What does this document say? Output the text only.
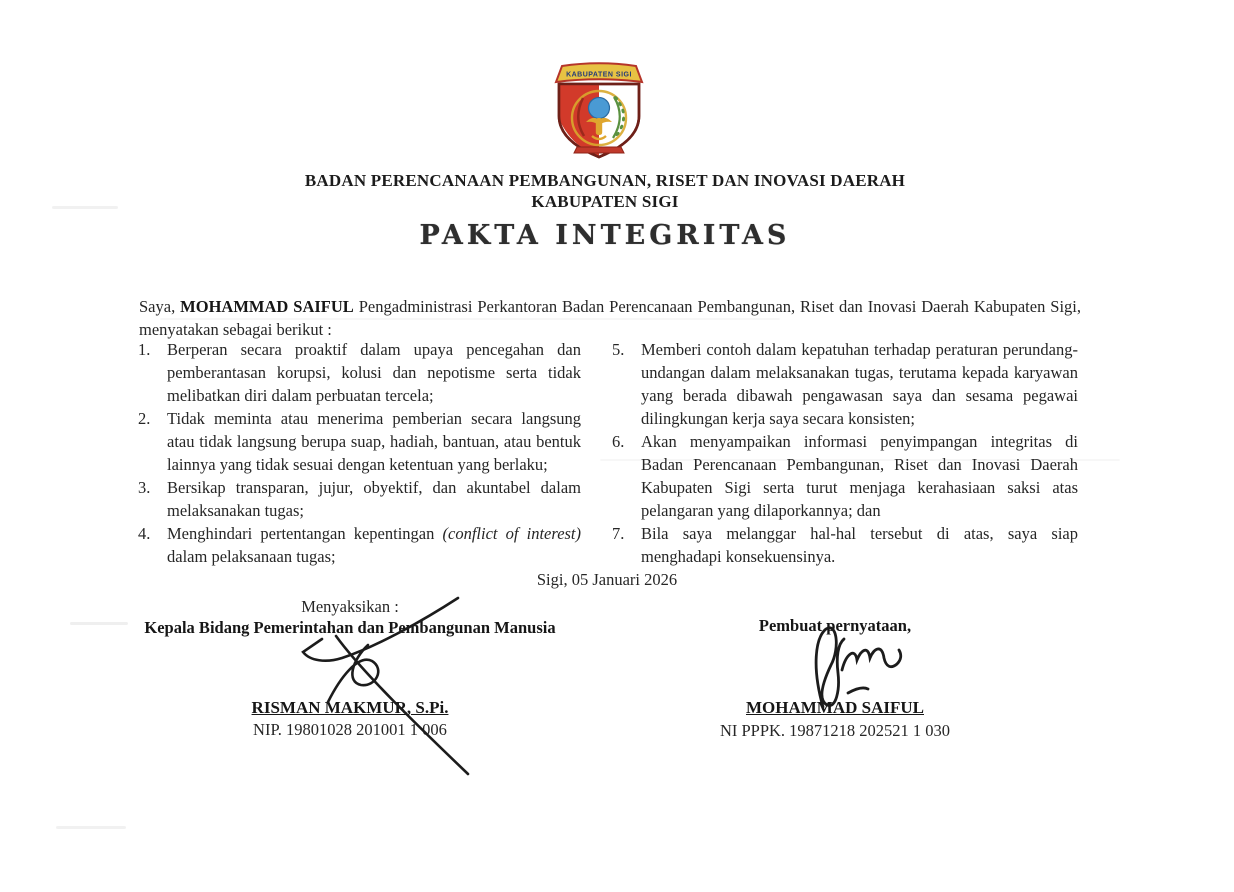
KABUPATEN SIGI
BADAN PERENCANAAN PEMBANGUNAN, RISET DAN INOVASI DAERAH
KABUPATEN SIGI
PAKTA INTEGRITAS

Saya, MOHAMMAD SAIFUL Pengadministrasi Perkantoran Badan Perencanaan Pembangunan, Riset dan Inovasi Daerah Kabupaten Sigi, menyatakan sebagai berikut :

1.	Berperan secara proaktif dalam upaya pencegahan dan pemberantasan korupsi, kolusi dan nepotisme serta tidak melibatkan diri dalam perbuatan tercela;
2.	Tidak meminta atau menerima pemberian secara langsung atau tidak langsung berupa suap, hadiah, bantuan, atau bentuk lainnya yang tidak sesuai dengan ketentuan yang berlaku;
3.	Bersikap transparan, jujur, obyektif, dan akuntabel dalam melaksanakan tugas;
4.	Menghindari pertentangan kepentingan (conflict of interest) dalam pelaksanaan tugas;
5.	Memberi contoh dalam kepatuhan terhadap peraturan perundang-undangan dalam melaksanakan tugas, terutama kepada karyawan yang berada dibawah pengawasan saya dan sesama pegawai dilingkungan kerja saya secara konsisten;
6.	Akan menyampaikan informasi penyimpangan integritas di Badan Perencanaan Pembangunan, Riset dan Inovasi Daerah Kabupaten Sigi serta turut menjaga kerahasiaan saksi atas pelangaran yang dilaporkannya; dan
7.	Bila saya melanggar hal-hal tersebut di atas, saya siap menghadapi konsekuensinya.
Sigi, 05 Januari 2026
Menyaksikan :
Kepala Bidang Pemerintahan dan Pembangunan Manusia
RISMAN MAKMUR, S.Pi.
NIP. 19801028 201001 1 006
Pembuat pernyataan,
MOHAMMAD SAIFUL
NI PPPK. 19871218 202521 1 030
